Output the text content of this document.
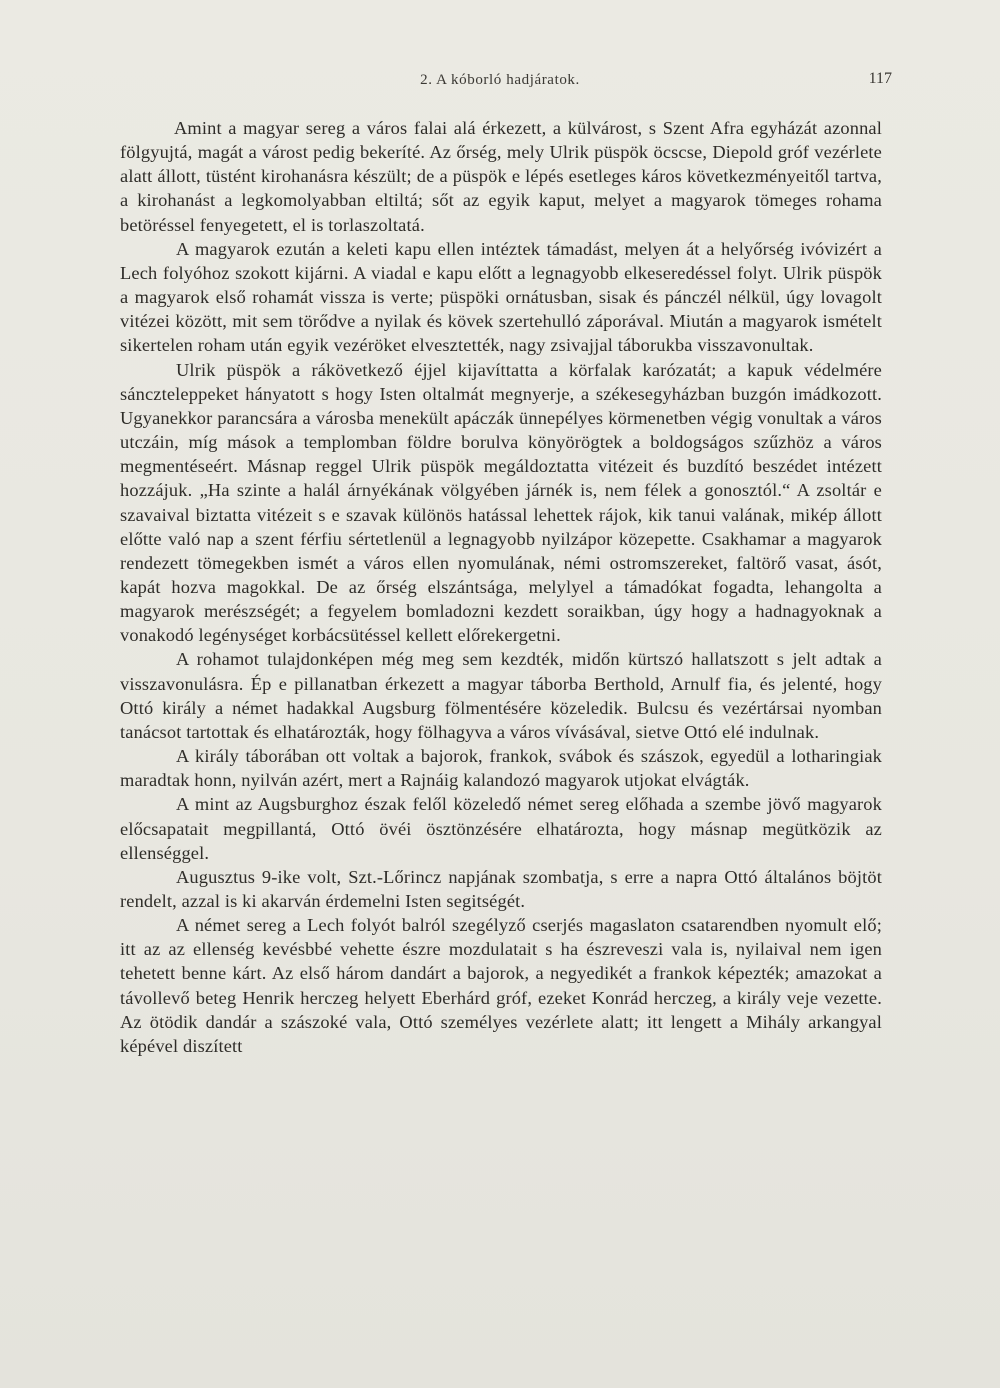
2. A kóborló hadjáratok.	117

Amint a magyar sereg a város falai alá érkezett, a külvárost, s Szent Afra egyházát azonnal fölgyujtá, magát a várost pedig bekeríté. Az őrség, mely Ulrik püspök öcscse, Diepold gróf vezérlete alatt állott, tüstént kirohanásra készült; de a püspök e lépés esetleges káros következményeitől tartva, a kirohanást a legkomolyabban eltiltá; sőt az egyik kaput, melyet a magyarok tömeges rohama betöréssel fenyegetett, el is torlaszoltatá.

A magyarok ezután a keleti kapu ellen intéztek támadást, melyen át a helyőrség ivóvizért a Lech folyóhoz szokott kijárni. A viadal e kapu előtt a legnagyobb elkeseredéssel folyt. Ulrik püspök a magyarok első rohamát vissza is verte; püspöki ornátusban, sisak és pánczél nélkül, úgy lovagolt vitézei között, mit sem törődve a nyilak és kövek szertehulló záporával. Miután a magyarok ismételt sikertelen roham után egyik vezéröket elvesztették, nagy zsivajjal táborukba visszavonultak.

Ulrik püspök a rákövetkező éjjel kijavíttatta a körfalak karózatát; a kapuk védelmére sánczteleppeket hányatott s hogy Isten oltalmát megnyerje, a székesegyházban buzgón imádkozott. Ugyanekkor parancsára a városba menekült apáczák ünnepélyes körmenetben végig vonultak a város utczáin, míg mások a templomban földre borulva könyörögtek a boldogságos szűzhöz a város megmentéseért. Másnap reggel Ulrik püspök megáldoztatta vitézeit és buzdító beszédet intézett hozzájuk. „Ha szinte a halál árnyékának völgyében járnék is, nem félek a gonosztól.“ A zsoltár e szavaival biztatta vitézeit s e szavak különös hatással lehettek rájok, kik tanui valának, mikép állott előtte való nap a szent férfiu sértetlenül a legnagyobb nyilzápor közepette. Csakhamar a magyarok rendezett tömegekben ismét a város ellen nyomulának, némi ostromszereket, faltörő vasat, ásót, kapát hozva magokkal. De az őrség elszántsága, melylyel a támadókat fogadta, lehangolta a magyarok merészségét; a fegyelem bomladozni kezdett soraikban, úgy hogy a hadnagyoknak a vonakodó legénységet korbácsütéssel kellett előrekergetni.

A rohamot tulajdonképen még meg sem kezdték, midőn kürtszó hallatszott s jelt adtak a visszavonulásra. Ép e pillanatban érkezett a magyar táborba Berthold, Arnulf fia, és jelenté, hogy Ottó király a német hadakkal Augsburg fölmentésére közeledik. Bulcsu és vezértársai nyomban tanácsot tartottak és elhatározták, hogy fölhagyva a város vívásával, sietve Ottó elé indulnak.

A király táborában ott voltak a bajorok, frankok, svábok és szászok, egyedül a lotharingiak maradtak honn, nyilván azért, mert a Rajnáig kalandozó magyarok utjokat elvágták.

A mint az Augsburghoz észak felől közeledő német sereg előhada a szembe jövő magyarok előcsapatait megpillantá, Ottó övéi ösztönzésére elhatározta, hogy másnap megütközik az ellenséggel.

Augusztus 9-ike volt, Szt.-Lőrincz napjának szombatja, s erre a napra Ottó általános böjtöt rendelt, azzal is ki akarván érdemelni Isten segitségét.

A német sereg a Lech folyót balról szegélyző cserjés magaslaton csatarendben nyomult elő; itt az az ellenség kevésbbé vehette észre mozdulatait s ha észreveszi vala is, nyilaival nem igen tehetett benne kárt. Az első három dandárt a bajorok, a negyedikét a frankok képezték; amazokat a távollevő beteg Henrik herczeg helyett Eberhárd gróf, ezeket Konrád herczeg, a király veje vezette. Az ötödik dandár a szászoké vala, Ottó személyes vezérlete alatt; itt lengett a Mihály arkangyal képével diszített
